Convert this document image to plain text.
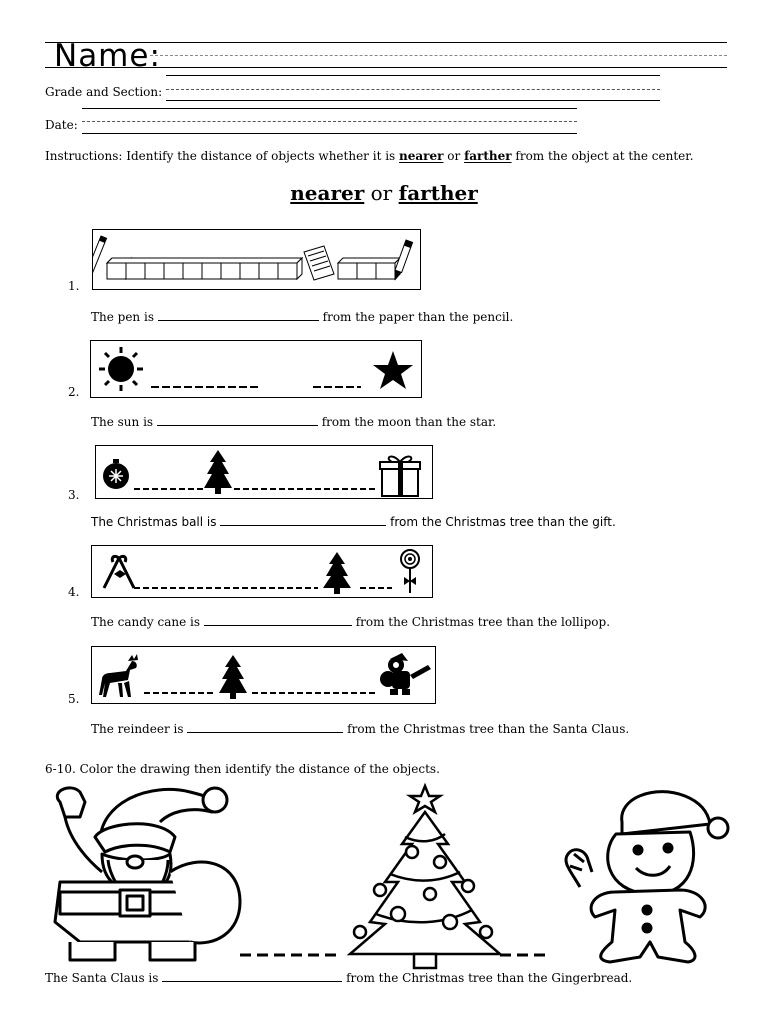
Name:
Grade and Section:
Date:
Instructions: Identify the distance of objects whether it is nearer or farther from the object at the center.
nearer or farther
1.
The pen is	from the paper than the pencil.
2.
The sun is	from the moon than the star.
3.
The Christmas ball is	from the Christmas tree than the gift.
4.
The candy cane is	from the Christmas tree than the lollipop.
5.
The reindeer is	from the Christmas tree than the Santa Claus.
6-10. Color the drawing then identify the distance of the objects.
The Santa Claus is	from the Christmas tree than the Gingerbread.
